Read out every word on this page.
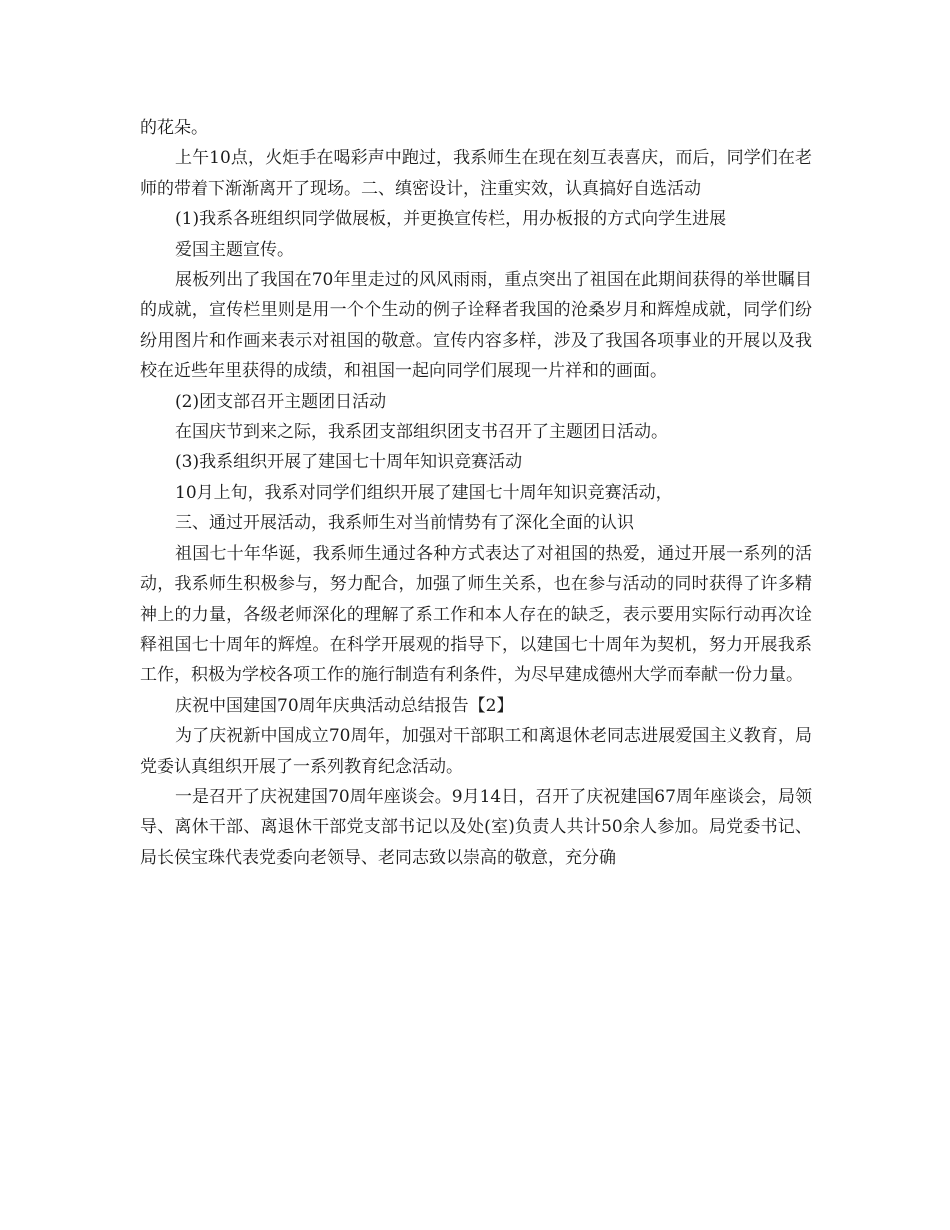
的花朵。

上午10点，火炬手在喝彩声中跑过，我系师生在现在刻互表喜庆，而后，同学们在老师的带着下渐渐离开了现场。二、缜密设计，注重实效，认真搞好自选活动

(1)我系各班组织同学做展板，并更换宣传栏，用办板报的方式向学生进展

爱国主题宣传。

展板列出了我国在70年里走过的风风雨雨，重点突出了祖国在此期间获得的举世瞩目的成就，宣传栏里则是用一个个生动的例子诠释者我国的沧桑岁月和辉煌成就，同学们纷纷用图片和作画来表示对祖国的敬意。宣传内容多样，涉及了我国各项事业的开展以及我校在近些年里获得的成绩，和祖国一起向同学们展现一片祥和的画面。

(2)团支部召开主题团日活动

在国庆节到来之际，我系团支部组织团支书召开了主题团日活动。

(3)我系组织开展了建国七十周年知识竞赛活动

10月上旬，我系对同学们组织开展了建国七十周年知识竞赛活动，

三、通过开展活动，我系师生对当前情势有了深化全面的认识

祖国七十年华诞，我系师生通过各种方式表达了对祖国的热爱，通过开展一系列的活动，我系师生积极参与，努力配合，加强了师生关系，也在参与活动的同时获得了许多精神上的力量，各级老师深化的理解了系工作和本人存在的缺乏，表示要用实际行动再次诠释祖国七十周年的辉煌。在科学开展观的指导下，以建国七十周年为契机，努力开展我系工作，积极为学校各项工作的施行制造有利条件，为尽早建成德州大学而奉献一份力量。

庆祝中国建国70周年庆典活动总结报告【2】

为了庆祝新中国成立70周年，加强对干部职工和离退休老同志进展爱国主义教育，局党委认真组织开展了一系列教育纪念活动。

一是召开了庆祝建国70周年座谈会。9月14日，召开了庆祝建国67周年座谈会，局领导、离休干部、离退休干部党支部书记以及处(室)负责人共计50余人参加。局党委书记、局长侯宝珠代表党委向老领导、老同志致以崇高的敬意，充分确
